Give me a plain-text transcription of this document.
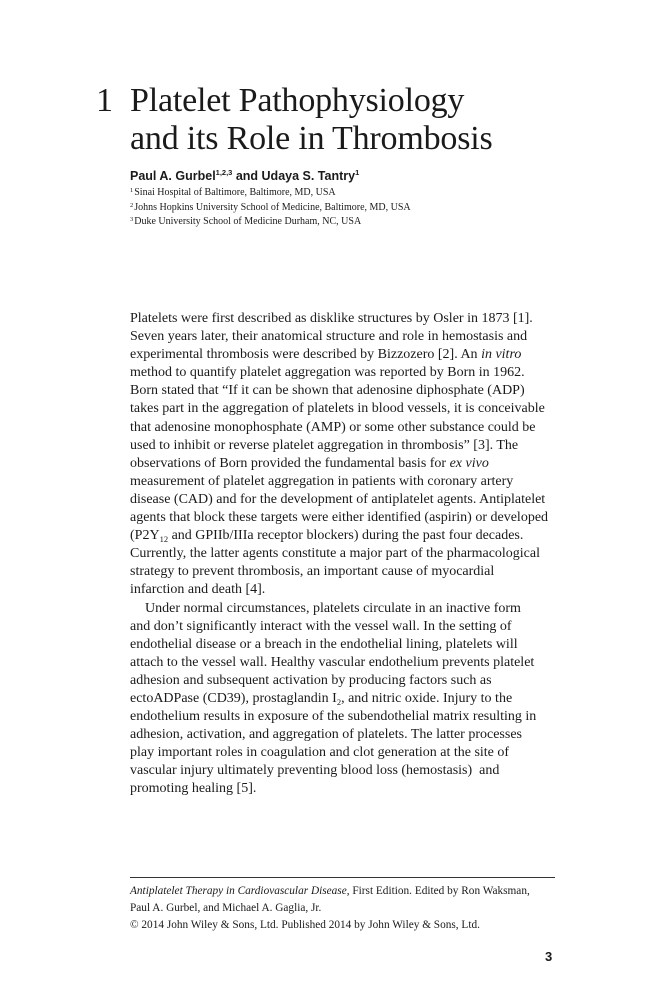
1 Platelet Pathophysiology
and its Role in Thrombosis
Paul A. Gurbel$^{1,2,3}$ and Udaya S. Tantry$^1$
$^1$Sinai Hospital of Baltimore, Baltimore, MD, USA
$^2$Johns Hopkins University School of Medicine, Baltimore, MD, USA
$^3$Duke University School of Medicine Durham, NC, USA
Platelets were first described as disklike structures by Osler in 1873 [1].
Seven years later, their anatomical structure and role in hemostasis and
experimental thrombosis were described by Bizzozero [2]. An in vitro
method to quantify platelet aggregation was reported by Born in 1962.
Born stated that “If it can be shown that adenosine diphosphate (ADP)
takes part in the aggregation of platelets in blood vessels, it is conceivable
that adenosine monophosphate (AMP) or some other substance could be
used to inhibit or reverse platelet aggregation in thrombosis” [3]. The
observations of Born provided the fundamental basis for ex vivo
measurement of platelet aggregation in patients with coronary artery
disease (CAD) and for the development of antiplatelet agents. Antiplatelet
agents that block these targets were either identified (aspirin) or developed
($P2Y_{12}$ and GPIIb/IIIa receptor blockers) during the past four decades.
Currently, the latter agents constitute a major part of the pharmacological
strategy to prevent thrombosis, an important cause of myocardial
infarction and death [4].
Under normal circumstances, platelets circulate in an inactive form
and don’t significantly interact with the vessel wall. In the setting of
endothelial disease or a breach in the endothelial lining, platelets will
attach to the vessel wall. Healthy vascular endothelium prevents platelet
adhesion and subsequent activation by producing factors such as
ectoADPase (CD39), prostaglandin $I_2$, and nitric oxide. Injury to the
endothelium results in exposure of the subendothelial matrix resulting in
adhesion, activation, and aggregation of platelets. The latter processes
play important roles in coagulation and clot generation at the site of
vascular injury ultimately preventing blood loss (hemostasis)  and
promoting healing [5].
Antiplatelet Therapy in Cardiovascular Disease, First Edition. Edited by Ron Waksman,
Paul A. Gurbel, and Michael A. Gaglia, Jr.
© 2014 John Wiley & Sons, Ltd. Published 2014 by John Wiley & Sons, Ltd.
3
